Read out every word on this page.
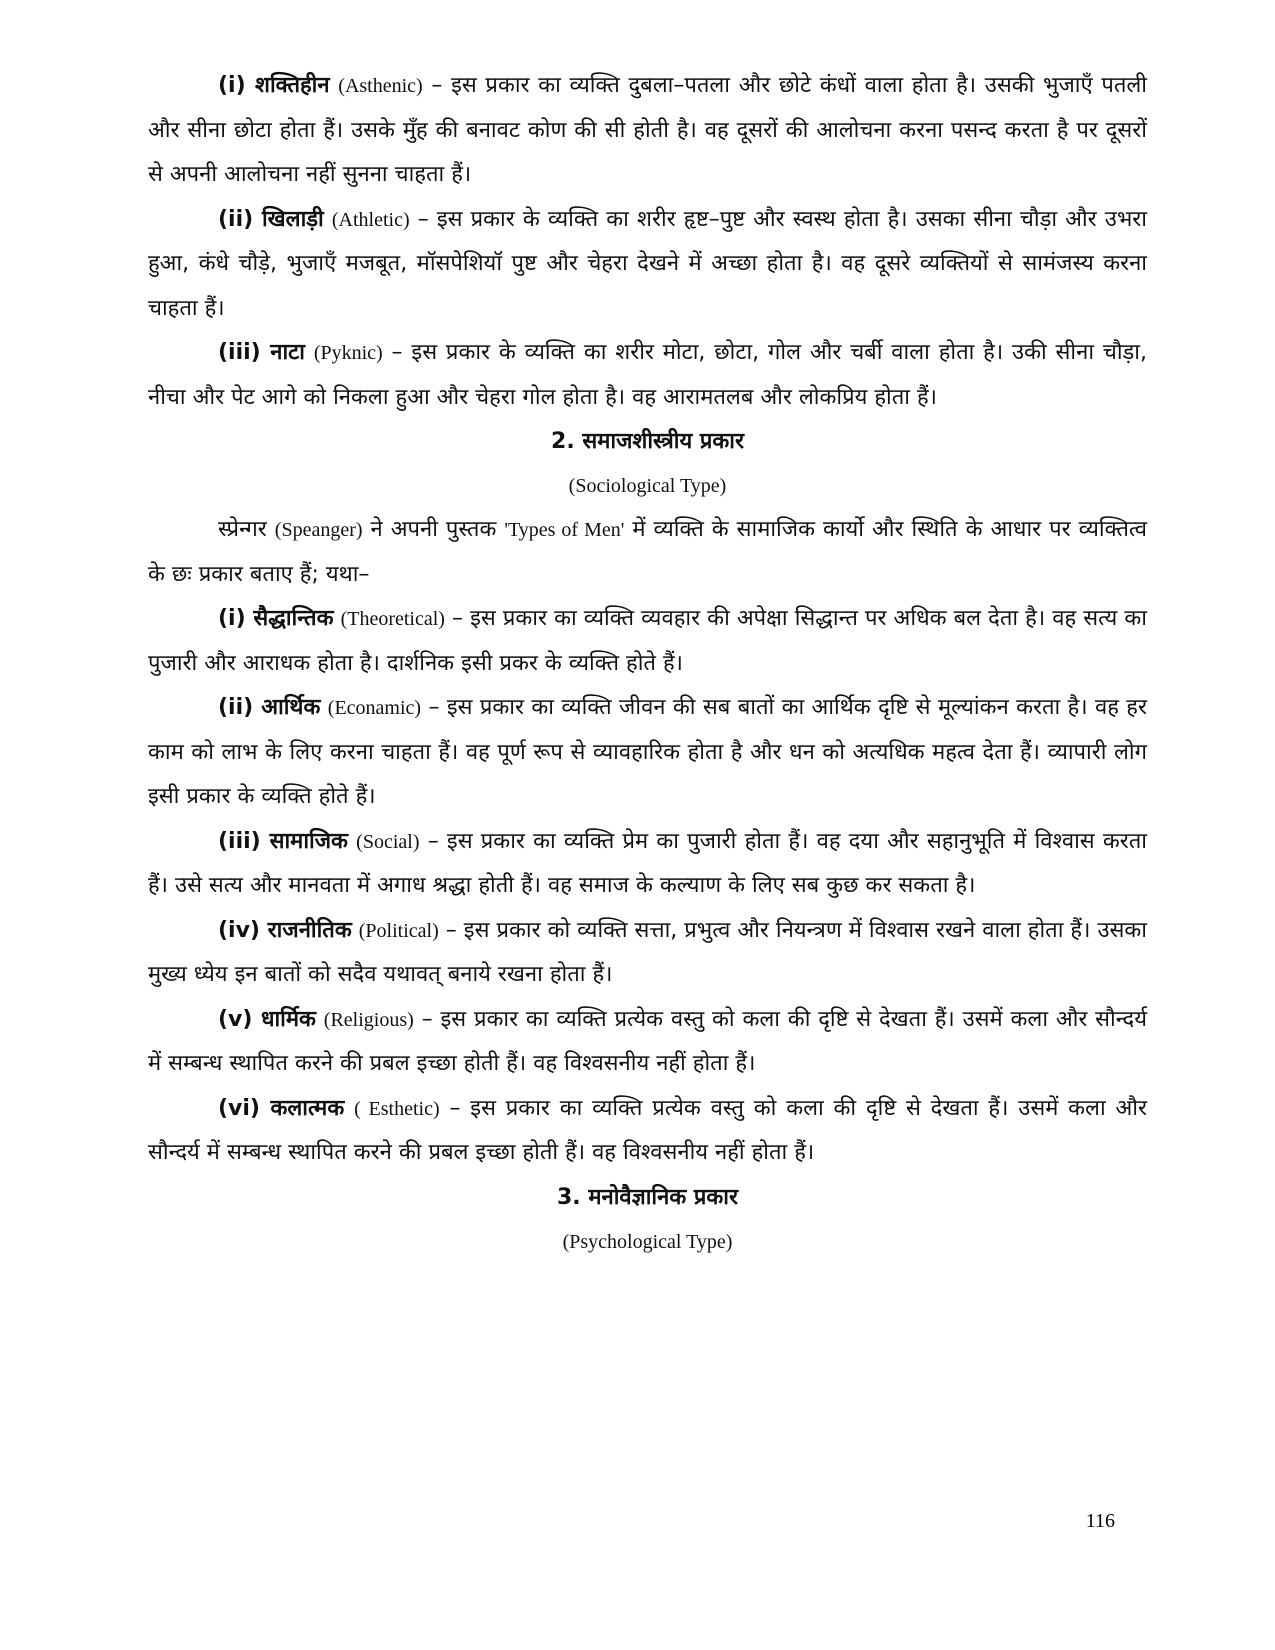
(i) शक्तिहीन (Asthenic) – इस प्रकार का व्यक्ति दुबला–पतला और छोटे कंधों वाला होता है। उसकी भुजाएँ पतली और सीना छोटा होता हैं। उसके मुँह की बनावट कोण की सी होती है। वह दूसरों की आलोचना करना पसन्द करता है पर दूसरों से अपनी आलोचना नहीं सुनना चाहता हैं।

(ii) खिलाड़ी (Athletic) – इस प्रकार के व्यक्ति का शरीर हृष्ट–पुष्ट और स्वस्थ होता है। उसका सीना चौड़ा और उभरा हुआ, कंधे चौड़े, भुजाएँ मजबूत, मॉसपेशियॉ पुष्ट और चेहरा देखने में अच्छा होता है। वह दूसरे व्यक्तियों से सामंजस्य करना चाहता हैं।

(iii) नाटा (Pyknic) – इस प्रकार के व्यक्ति का शरीर मोटा, छोटा, गोल और चर्बी वाला होता है। उकी सीना चौड़ा, नीचा और पेट आगे को निकला हुआ और चेहरा गोल होता है। वह आरामतलब और लोकप्रिय होता हैं।

2. समाजशीस्त्रीय प्रकार

(Sociological Type)

स्प्रेन्गर (Speanger) ने अपनी पुस्तक 'Types of Men' में व्यक्ति के सामाजिक कार्यो और स्थिति के आधार पर व्यक्तित्व के छः प्रकार बताए हैं; यथा–

(i) सैद्धान्तिक (Theoretical) – इस प्रकार का व्यक्ति व्यवहार की अपेक्षा सिद्धान्त पर अधिक बल देता है। वह सत्य का पुजारी और आराधक होता है। दार्शनिक इसी प्रकर के व्यक्ति होते हैं।

(ii) आर्थिक (Econamic) – इस प्रकार का व्यक्ति जीवन की सब बातों का आर्थिक दृष्टि से मूल्यांकन करता है। वह हर काम को लाभ के लिए करना चाहता हैं। वह पूर्ण रूप से व्यावहारिक होता है और धन को अत्यधिक महत्व देता हैं। व्यापारी लोग इसी प्रकार के व्यक्ति होते हैं।

(iii) सामाजिक (Social) – इस प्रकार का व्यक्ति प्रेम का पुजारी होता हैं। वह दया और सहानुभूति में विश्वास करता हैं। उसे सत्य और मानवता में अगाध श्रद्धा होती हैं। वह समाज के कल्याण के लिए सब कुछ कर सकता है।

(iv) राजनीतिक (Political) – इस प्रकार को व्यक्ति सत्ता, प्रभुत्व और नियन्त्रण में विश्वास रखने वाला होता हैं। उसका मुख्य ध्येय इन बातों को सदैव यथावत् बनाये रखना होता हैं।

(v) धार्मिक (Religious) – इस प्रकार का व्यक्ति प्रत्येक वस्तु को कला की दृष्टि से देखता हैं। उसमें कला और सौन्दर्य में सम्बन्ध स्थापित करने की प्रबल इच्छा होती हैं। वह विश्वसनीय नहीं होता हैं।

(vi) कलात्मक ( Esthetic) – इस प्रकार का व्यक्ति प्रत्येक वस्तु को कला की दृष्टि से देखता हैं। उसमें कला और सौन्दर्य में सम्बन्ध स्थापित करने की प्रबल इच्छा होती हैं। वह विश्वसनीय नहीं होता हैं।

3. मनोवैज्ञानिक प्रकार

(Psychological Type)

116
